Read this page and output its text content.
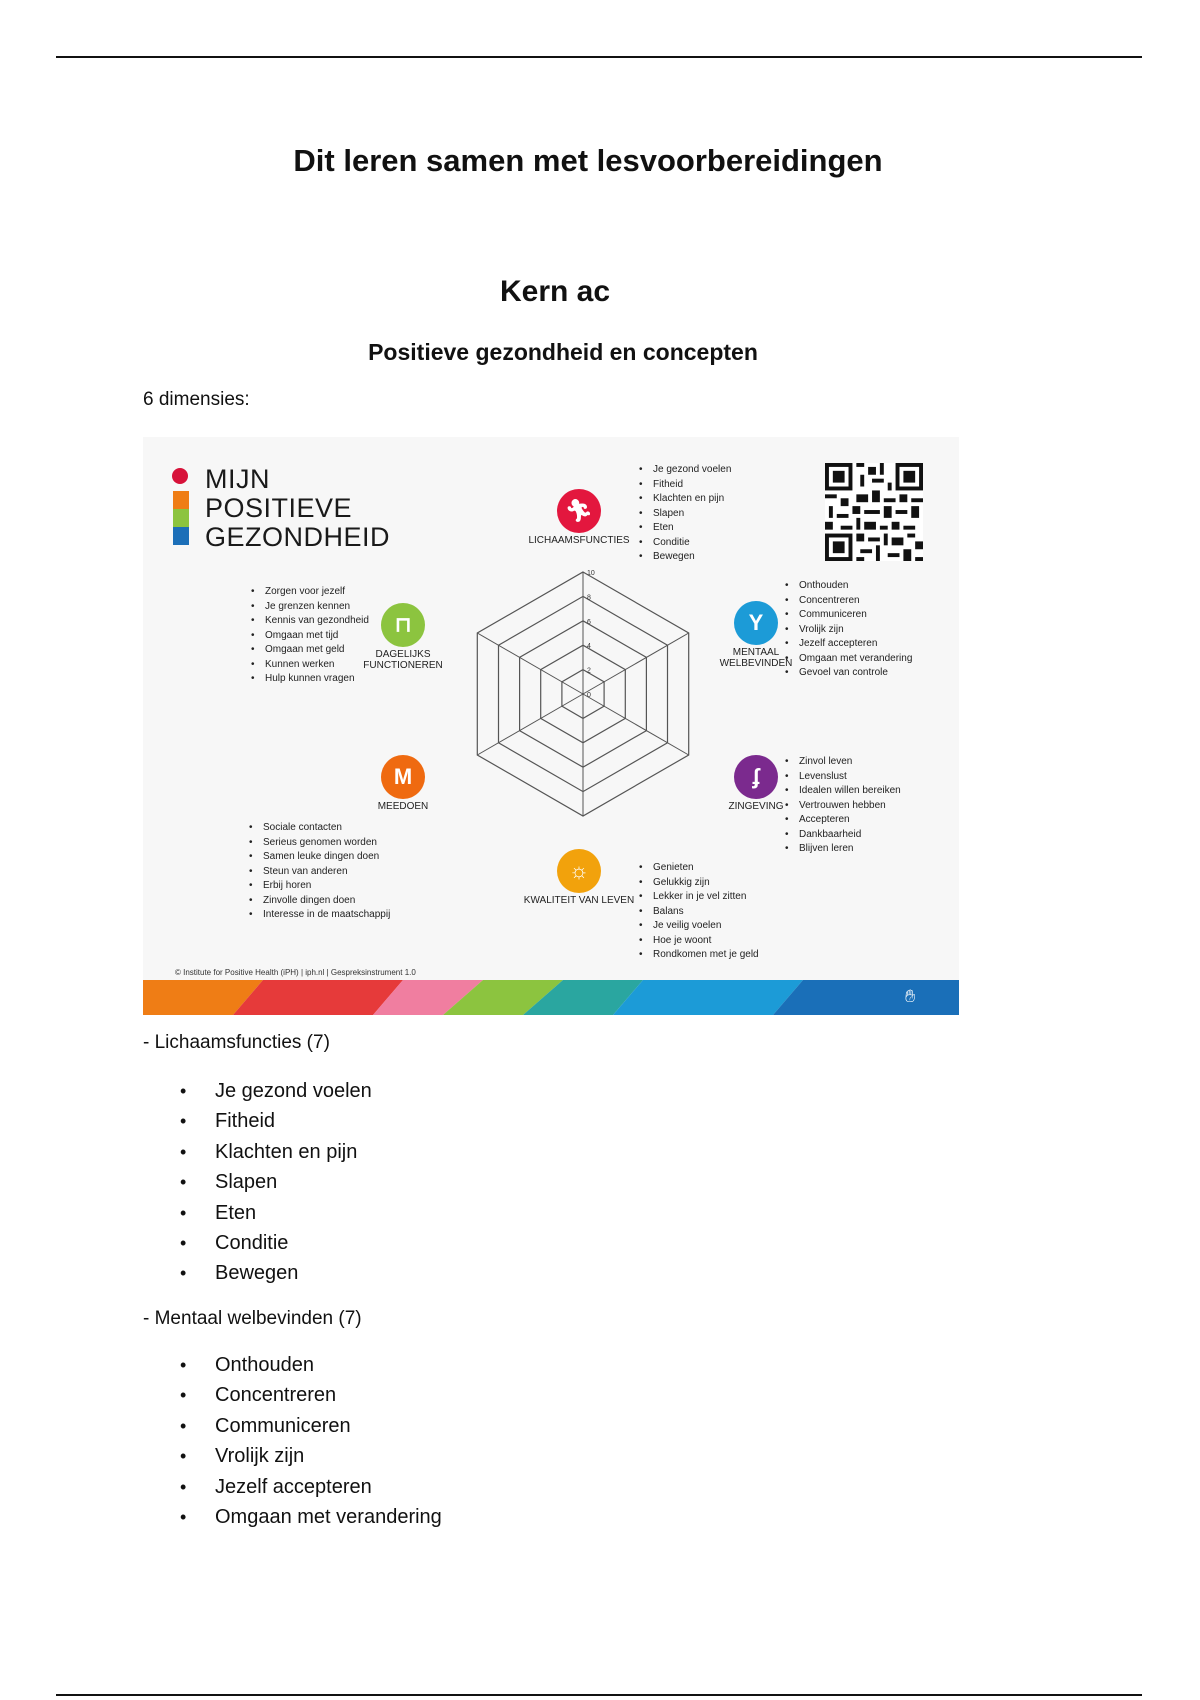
Dit leren samen met lesvoorbereidingen
Kern ac
Positieve gezondheid en concepten
6 dimensies:
MIJN
POSITIEVE
GEZONDHEID
10
8
6
4
2
0
🏃︎
LICHAAMSFUNCTIES
• Je gezond voelen
• Fitheid
• Klachten en pijn
• Slapen
• Eten
• Conditie
• Bewegen
Y
MENTAAL
WELBEVINDEN
• Onthouden
• Concentreren
• Communiceren
• Vrolijk zijn
• Jezelf accepteren
• Omgaan met verandering
• Gevoel van controle
ʄ
ZINGEVING
• Zinvol leven
• Levenslust
• Idealen willen bereiken
• Vertrouwen hebben
• Accepteren
• Dankbaarheid
• Blijven leren
☼
KWALITEIT VAN LEVEN
• Genieten
• Gelukkig zijn
• Lekker in je vel zitten
• Balans
• Je veilig voelen
• Hoe je woont
• Rondkomen met je geld
M
MEEDOEN
• Sociale contacten
• Serieus genomen worden
• Samen leuke dingen doen
• Steun van anderen
• Erbij horen
• Zinvolle dingen doen
• Interesse in de maatschappij
⊓
DAGELIJKS
FUNCTIONEREN
• Zorgen voor jezelf
• Je grenzen kennen
• Kennis van gezondheid
• Omgaan met tijd
• Omgaan met geld
• Kunnen werken
• Hulp kunnen vragen
© Institute for Positive Health (iPH) | iph.nl | Gespreksinstrument 1.0
✋︎
- Lichaamsfuncties (7)
• Je gezond voelen
• Fitheid
• Klachten en pijn
• Slapen
• Eten
• Conditie
• Bewegen
- Mentaal welbevinden (7)
• Onthouden
• Concentreren
• Communiceren
• Vrolijk zijn
• Jezelf accepteren
• Omgaan met verandering
